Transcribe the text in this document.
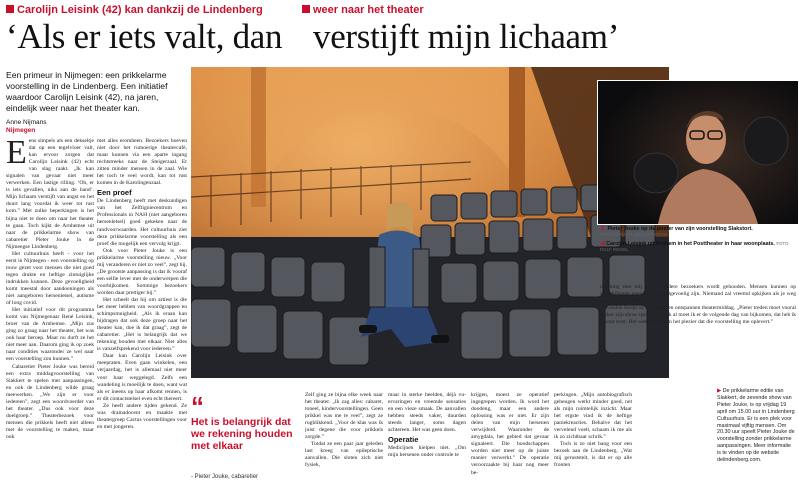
Carolijn Leisink (42) kan dankzij de Lindenberg	weer naar het theater
‘Als er iets valt, dan verstijft mijn lichaam’
Een primeur in Nijmegen: een prikkelarme voorstelling in de Lindenberg. Een initiatief waardoor Carolijn Leisink (42), na jaren, eindelijk weer naar het theater kan.
Anne Nijmans
Nijmegen
E ens simpels als een dekseltje dat op een tegelvloer valt, kan ervoor zorgen dat Carolijn Leisink (42) echt van slag raakt. „Ik kan signalen van gevaar niet meer verwerken. Een lastige rilling. ‘Oh, er is iets gevallen, niks aan de hand’. Mijn lichaam verstijft van angst en het duurt lang voordat ik weer tot rust kom.” Met zulke beperkingen is het bijna niet te doen om naar het theater te gaan. Toch kijkt de Arnhemse uit naar de prikkelarme show van cabaretier Pieter Jouke in de Nijmeegse Lindenberg.

Het cultuurhuis heeft - voor het eerst in Nijmegen - een voorstelling op touw gezet voor mensen die niet goed tegen drukte en heftige zintuiglijke indrukken kunnen. Deze gevoeligheid komt meestal door aandoeningen als niet aangeboren hersenletsel, autisme of long covid.

Het initiatief voor dit programma komt van Nijmegenaar René Leisink, broer van de Arnhemse. „Mijn zus ging zo graag naar het theater, het was ook haar beroep. Maar nu durft ze het niet meer aan. Daarom ging ik op zoek naar condities waaronder ze wel naar een voorstelling zou kunnen.”

Cabaretier Pieter Jouke was bereid een extra middagvoorstelling van Slakkert te spelen met aanpassingen, en ook de Lindenberg wilde graag meewerken. „We zijn er voor iedereen”, zegt een woordvoerder van het theater. „Dus ook voor deze doelgroep.” Theaterbezoek voor mensen die prikkels heeft niet alleen met de voorstelling te maken, maar ook

met alles eromheen. Bezoekers hoeven niet door het rumoerige theatercafé, maar kunnen via een aparte ingang rechtstreeks naar de Steigerzaal. Er zitten minder mensen in de zaal. Wie het toch te veel wordt, kan tot rust komen in de Karolingenzaal.
Een proef
De Lindenberg heeft met deskundigen van het Zelftigniecentrum en Professionals in NAH (niet aangeboren hersenletsel) goed gekeken naar de randvoorwaarden. Het cultuurhuis ziet deze prikkelarme voorstelling als een proef die mogelijk een vervolg krijgt.

Ook voor Pieter Jouke is een prikkelarme voorstelling nieuw. „Voor mij veranderen er niet zo veel”, zegt hij. „De grootste aanpassing is dat ik vooraf een selfie lever met de onderwerpen die voorbijkomen. Sommige bezoekers worden daar prettiger bij.”

Het scheelt dat hij om artiest is die het meer hebben van woordgrappen en schimpsmuigheid. „Als ik eraan kan bijdragen dat ook deze groep naar het theater kan, doe ik dat graag”, zegt de cabaretier. „Het is belangrijk dat we rekening houden met elkaar. Niet alles is vanzelfsprekend voor iedereen.”

Daar kan Carolijn Leisink over meepraten. Even gaan winkelen, een verjaardag, het is allemaal niet meer voor haar weggelegd. Zelfs een wandeling is moeilijk te doen, want wat als er ineens op haar afkomt rennen, is er dit contactstelsel even echt thereert.

Ze heeft andere tijden gekend. Ze was dramadocent en maakte met theatergroep Cactus voorstellingen voor en met jongeren.

▲ Pieter Jouke op de poster van zijn voorstelling Slakstort.
FOTO GERARD VERSCHOOTEN
◀ Carolijn Leisink uit Arnhem in het Posttheater in haar woonplaats. FOTO ROLF RIESEL
rekening met mij en de andere bezoekers wordt gehouden. Mensen kunnen op verschillende manieren prikkelgevoelig zijn. Niemand zal vreemd opkijken als je weg moet uit de theaterzaal.”

Leisink hoopt op een leuke en ontspannen theatermiddag. „Pieter treden moet vooral lekker zijn show spelen. En ook al moet ik er de volgende dag van bijkomen, dat heb ik ervoor over. Het weegt op tegen het plezier dat die voorstelling me oplevert.”

“
Het is belangrijk dat we rekening houden met elkaar
- Pieter Jouke, cabaretier
Zelf ging ze bijna elke week naar het theater. „Ik zag alles: cabaret, toneel, kindervoorstellingen. Geen prikkel was me te veel”, zegt ze rugblikkend. „Voor de klas was ik juist degene die voor prikkels zorgde.”

Totdat ze een paar jaar geleden last kreeg van epileptische aanvallen. Die sloten zich niet fysiek,

maar in sterke beelden, déjà vu-ervaringen en vreemde sensaties en een vieze smaak. De aanvallen hebben steeds vaker, duurden steeds langer, soms dagen achtereen. Het was geen doen.
Operatie
Medicijnen hielpen niet. „Om mijn hersenen onder controle te
krijgen, moest ze operatief ingegrepen worden. Ik word het doodeng, maar een andere oplossing was er niet. Er zijn delen van mijn hersenen verwijderd. Waaronder de amygdala, het gebied dat gevaar signaleert. Die boodschappen worden niet meer op de juiste manier verwerkt.” De operatie veroorzaakte bij haar nog meer be-
perkingen. „Mijn autobiografisch geheugen werkt minder goed, net als mijn ruimtelijk inzicht. Maar het ergste vind ik de heftige paniekreacties. Behalve dat het vervelend voelt, schaam ik me als ik zo zichtbaar schrik.”

Toch is ze niet bang voor een bezoek aan de Lindenberg. „Wat mij geruststelt, is dat er op alle fronten

▶ De prikkelarme editie van Slakkert, de zevende show van Pieter Jouke, is op vrijdag 19 april om 15.00 uur in Lindenberg Cultuurhuis. Er is een plek voor maximaal vijftig mensen. Om 20.30 uur speelt Pieter Jouke de voorstelling zonder prikkelarme aanpassingen. Meer informatie is te vinden op de website delindenberg.com.
